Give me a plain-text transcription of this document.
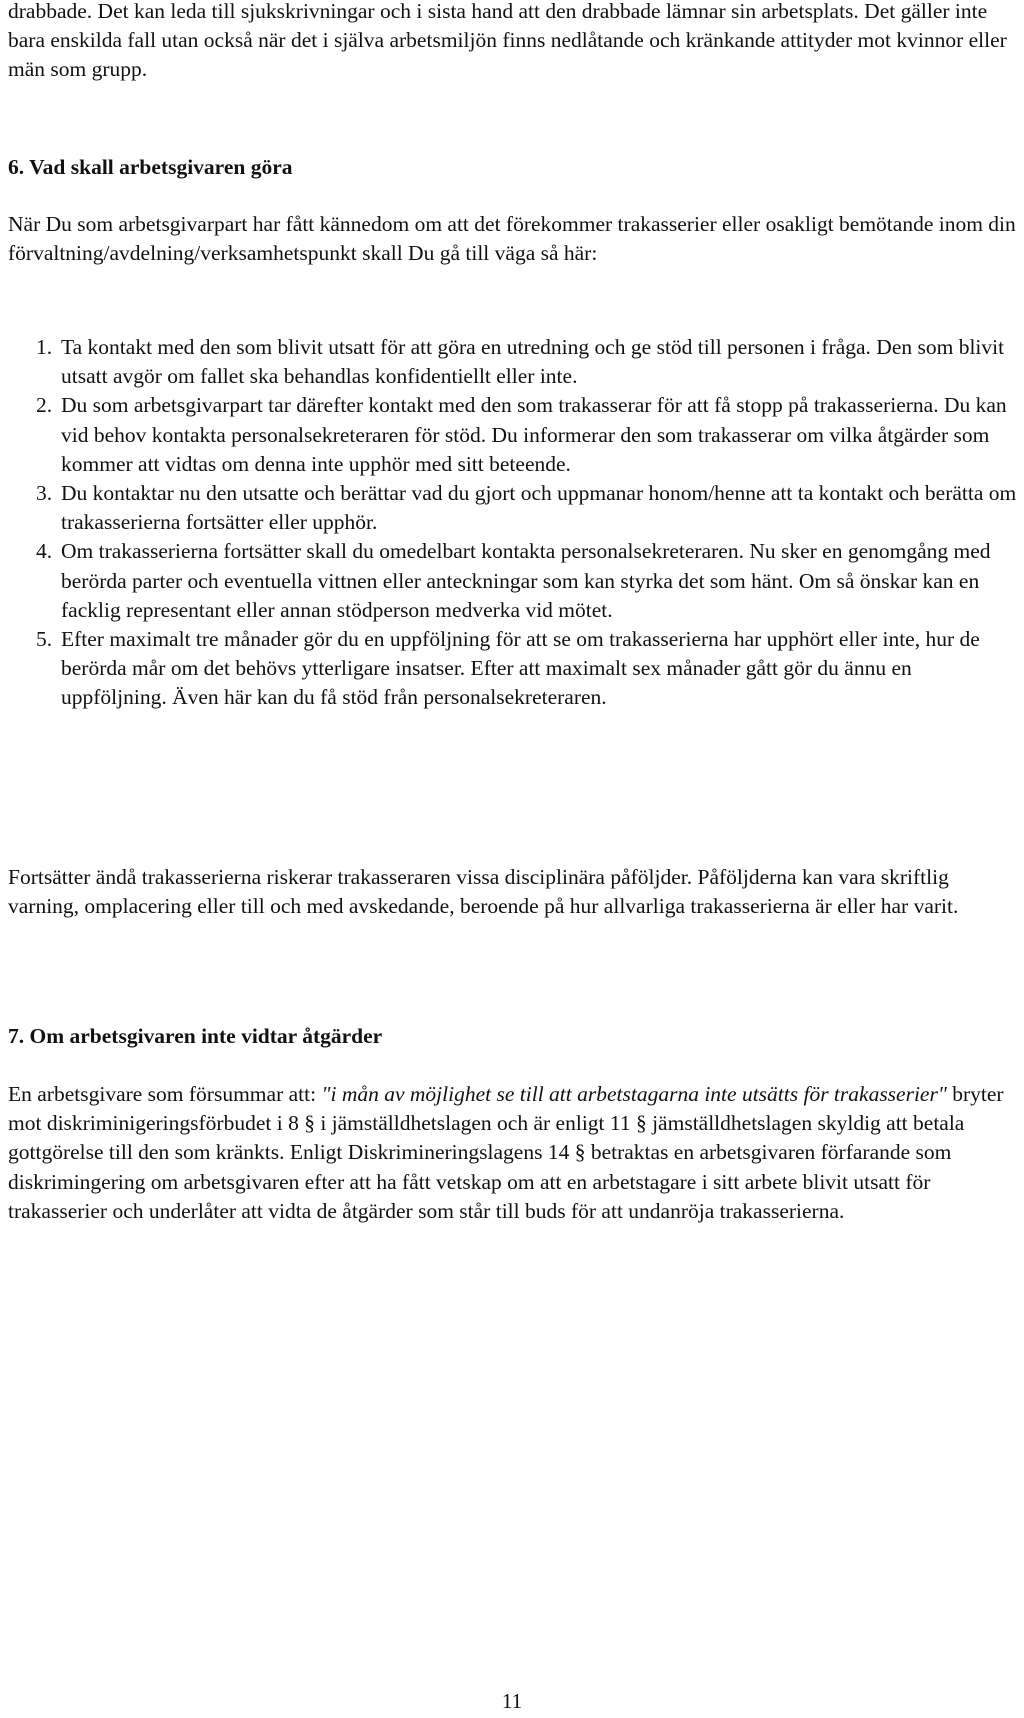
drabbade. Det kan leda till sjukskrivningar och i sista hand att den drabbade lämnar sin arbetsplats. Det gäller inte bara enskilda fall utan också när det i själva arbetsmiljön finns nedlåtande och kränkande attityder mot kvinnor eller män som grupp.

6. Vad skall arbetsgivaren göra

När Du som arbetsgivarpart har fått kännedom om att det förekommer trakasserier eller osakligt bemötande inom din förvaltning/avdelning/verksamhetspunkt skall Du gå till väga så här:

1. Ta kontakt med den som blivit utsatt för att göra en utredning och ge stöd till personen i fråga. Den som blivit utsatt avgör om fallet ska behandlas konfidentiellt eller inte.
2. Du som arbetsgivarpart tar därefter kontakt med den som trakasserar för att få stopp på trakasserierna. Du kan vid behov kontakta personalsekreteraren för stöd. Du informerar den som trakasserar om vilka åtgärder som kommer att vidtas om denna inte upphör med sitt beteende.
3. Du kontaktar nu den utsatte och berättar vad du gjort och uppmanar honom/henne att ta kontakt och berätta om trakasserierna fortsätter eller upphör.
4. Om trakasserierna fortsätter skall du omedelbart kontakta personalsekreteraren. Nu sker en genomgång med berörda parter och eventuella vittnen eller anteckningar som kan styrka det som hänt. Om så önskar kan en facklig representant eller annan stödperson medverka vid mötet.
5. Efter maximalt tre månader gör du en uppföljning för att se om trakasserierna har upphört eller inte, hur de berörda mår om det behövs ytterligare insatser. Efter att maximalt sex månader gått gör du ännu en uppföljning. Även här kan du få stöd från personalsekreteraren.

Fortsätter ändå trakasserierna riskerar trakasseraren vissa disciplinära påföljder. Påföljderna kan vara skriftlig varning, omplacering eller till och med avskedande, beroende på hur allvarliga trakasserierna är eller har varit.

7. Om arbetsgivaren inte vidtar åtgärder

En arbetsgivare som försummar att: "i mån av möjlighet se till att arbetstagarna inte utsätts för trakasserier" bryter mot diskriminigeringsförbudet i 8 § i jämställdhetslagen och är enligt 11 § jämställdhetslagen skyldig att betala gottgörelse till den som kränkts. Enligt Diskrimineringslagens 14 § betraktas en arbetsgivaren förfarande som diskrimingering om arbetsgivaren efter att ha fått vetskap om att en arbetstagare i sitt arbete blivit utsatt för trakasserier och underlåter att vidta de åtgärder som står till buds för att undanröja trakasserierna.

11
